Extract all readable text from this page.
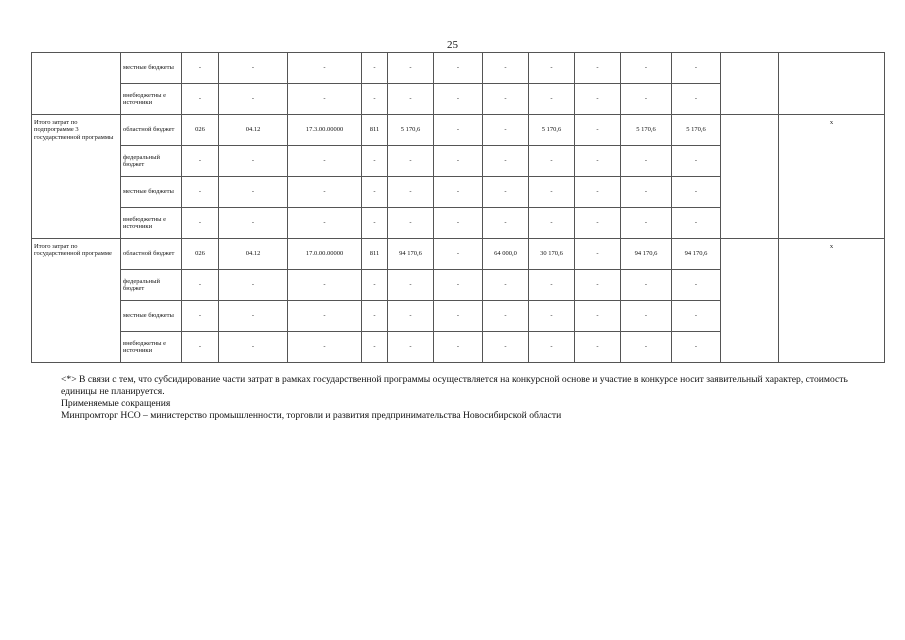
25
	местные бюджеты	-	-	-	-	-	-	-	-	-	-	-		
	внебюджетны е источники	-	-	-	-	-	-	-	-	-	-	-		
Итого затрат по подпрограмме 3 государственной программы	областной бюджет	026	04.12	17.3.00.00000	811	5 170,6	-	-	5 170,6	-	5 170,6	5 170,6		x
	федеральный бюджет	-	-	-	-	-	-	-	-	-	-	-		
	местные бюджеты	-	-	-	-	-	-	-	-	-	-	-		
	внебюджетны е источники	-	-	-	-	-	-	-	-	-	-	-		
Итого затрат по государственной программе	областной бюджет	026	04.12	17.0.00.00000	811	94 170,6	-	64 000,0	30 170,6	-	94 170,6	94 170,6		x
	федеральный бюджет	-	-	-	-	-	-	-	-	-	-	-		
	местные бюджеты	-	-	-	-	-	-	-	-	-	-	-		
	внебюджетны е источники	-	-	-	-	-	-	-	-	-	-	-		

<*> В связи с тем, что субсидирование части затрат в рамках государственной программы осуществляется на конкурсной основе и участие в конкурсе носит заявительный характер, стоимость единицы не планируется.

Применяемые сокращения

Минпромторг НСО – министерство промышленности, торговли и развития предпринимательства Новосибирской области
